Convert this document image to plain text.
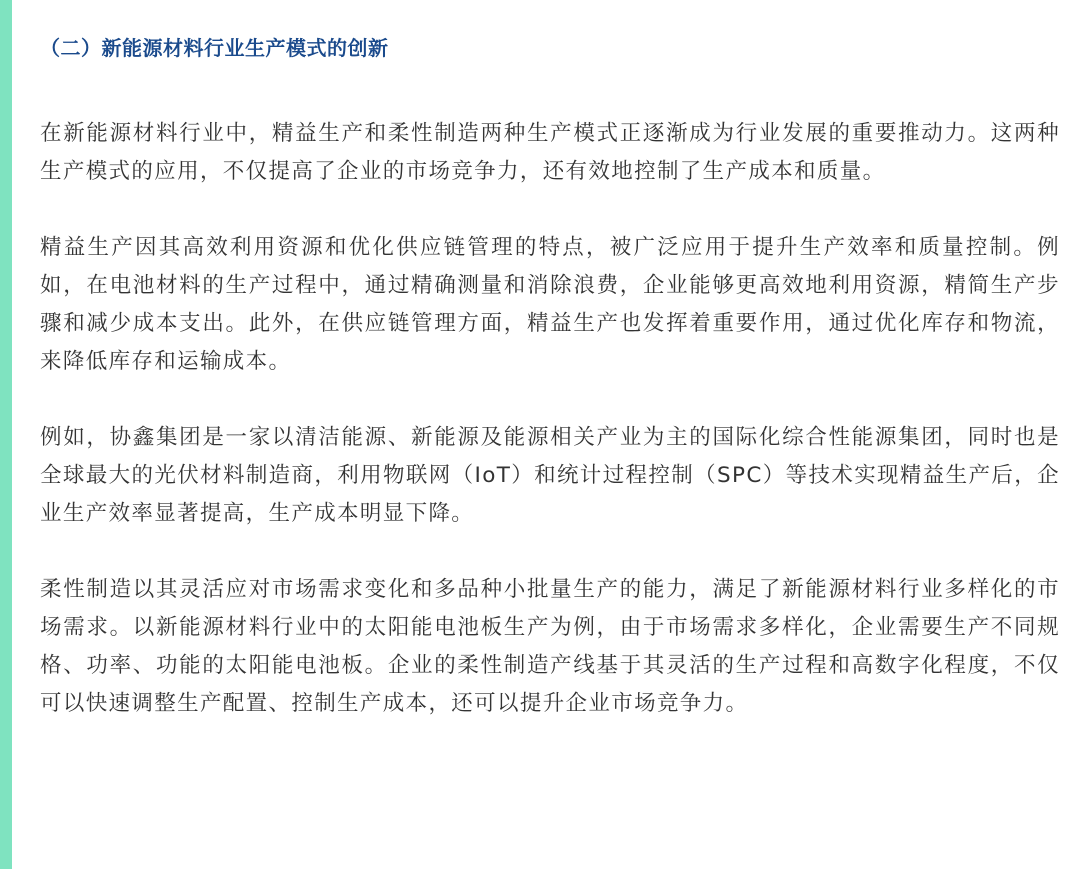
（二）新能源材料行业生产模式的创新

在新能源材料行业中，精益生产和柔性制造两种生产模式正逐渐成为行业发展的重要推动力。这两种生产模式的应用，不仅提高了企业的市场竞争力，还有效地控制了生产成本和质量。

精益生产因其高效利用资源和优化供应链管理的特点，被广泛应用于提升生产效率和质量控制。例如，在电池材料的生产过程中，通过精确测量和消除浪费，企业能够更高效地利用资源，精简生产步骤和减少成本支出。此外，在供应链管理方面，精益生产也发挥着重要作用，通过优化库存和物流，来降低库存和运输成本。

例如，协鑫集团是一家以清洁能源、新能源及能源相关产业为主的国际化综合性能源集团，同时也是全球最大的光伏材料制造商，利用物联网（IoT）和统计过程控制（SPC）等技术实现精益生产后，企业生产效率显著提高，生产成本明显下降。

柔性制造以其灵活应对市场需求变化和多品种小批量生产的能力，满足了新能源材料行业多样化的市场需求。以新能源材料行业中的太阳能电池板生产为例，由于市场需求多样化，企业需要生产不同规格、功率、功能的太阳能电池板。企业的柔性制造产线基于其灵活的生产过程和高数字化程度，不仅可以快速调整生产配置、控制生产成本，还可以提升企业市场竞争力。
